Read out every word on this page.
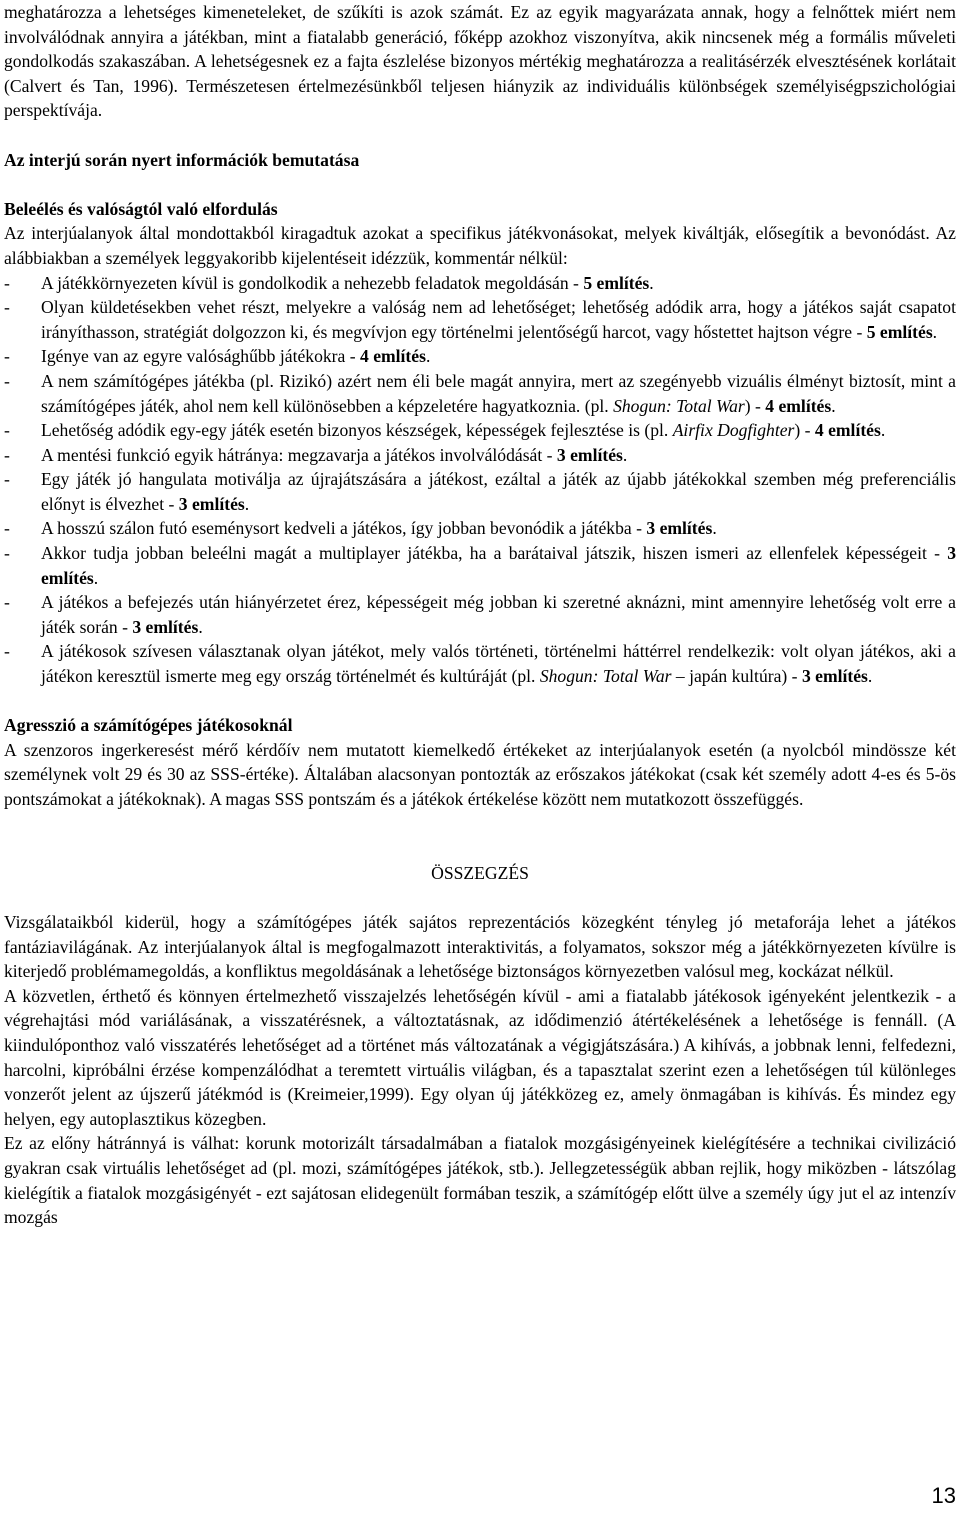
meghatározza a lehetséges kimeneteleket, de szűkíti is azok számát. Ez az egyik magyarázata annak, hogy a felnőttek miért nem involválódnak annyira a játékban, mint a fiatalabb generáció, főképp azokhoz viszonyítva, akik nincsenek még a formális műveleti gondolkodás szakaszában. A lehetségesnek ez a fajta észlelése bizonyos mértékig meghatározza a realitásérzék elvesztésének korlátait (Calvert és Tan, 1996). Természetesen értelmezésünkből teljesen hiányzik az individuális különbségek személyiségpszichológiai perspektívája.

Az interjú során nyert információk bemutatása

Beleélés és valóságtól való elfordulás

Az interjúalanyok által mondottakból kiragadtuk azokat a specifikus játékvonásokat, melyek kiváltják, elősegítik a bevonódást. Az alábbiakban a személyek leggyakoribb kijelentéseit idézzük, kommentár nélkül:

- A játékkörnyezeten kívül is gondolkodik a nehezebb feladatok megoldásán - 5 említés.
- Olyan küldetésekben vehet részt, melyekre a valóság nem ad lehetőséget; lehetőség adódik arra, hogy a játékos saját csapatot irányíthasson, stratégiát dolgozzon ki, és megvívjon egy történelmi jelentőségű harcot, vagy hőstettet hajtson végre - 5 említés.
- Igénye van az egyre valósághűbb játékokra - 4 említés.
- A nem számítógépes játékba (pl. Rizikó) azért nem éli bele magát annyira, mert az szegényebb vizuális élményt biztosít, mint a számítógépes játék, ahol nem kell különösebben a képzeletére hagyatkoznia. (pl. Shogun: Total War) - 4 említés.
- Lehetőség adódik egy-egy játék esetén bizonyos készségek, képességek fejlesztése is (pl. Airfix Dogfighter) - 4 említés.
- A mentési funkció egyik hátránya: megzavarja a játékos involválódását - 3 említés.
- Egy játék jó hangulata motiválja az újrajátszására a játékost, ezáltal a játék az újabb játékokkal szemben még preferenciális előnyt is élvezhet - 3 említés.
- A hosszú szálon futó eseménysort kedveli a játékos, így jobban bevonódik a játékba - 3 említés.
- Akkor tudja jobban beleélni magát a multiplayer játékba, ha a barátaival játszik, hiszen ismeri az ellenfelek képességeit - 3 említés.
- A játékos a befejezés után hiányérzetet érez, képességeit még jobban ki szeretné aknázni, mint amennyire lehetőség volt erre a játék során - 3 említés.
- A játékosok szívesen választanak olyan játékot, mely valós történeti, történelmi háttérrel rendelkezik: volt olyan játékos, aki a játékon keresztül ismerte meg egy ország történelmét és kultúráját (pl. Shogun: Total War – japán kultúra) - 3 említés.

Agresszió a számítógépes játékosoknál

A szenzoros ingerkeresést mérő kérdőív nem mutatott kiemelkedő értékeket az interjúalanyok esetén (a nyolcból mindössze két személynek volt 29 és 30 az SSS-értéke). Általában alacsonyan pontozták az erőszakos játékokat (csak két személy adott 4-es és 5-ös pontszámokat a játékoknak). A magas SSS pontszám és a játékok értékelése között nem mutatkozott összefüggés.

ÖSSZEGZÉS

Vizsgálataikból kiderül, hogy a számítógépes játék sajátos reprezentációs közegként tényleg jó metaforája lehet a játékos fantáziavilágának. Az interjúalanyok által is megfogalmazott interaktivitás, a folyamatos, sokszor még a játékkörnyezeten kívülre is kiterjedő problémamegoldás, a konfliktus megoldásának a lehetősége biztonságos környezetben valósul meg, kockázat nélkül.

A közvetlen, érthető és könnyen értelmezhető visszajelzés lehetőségén kívül - ami a fiatalabb játékosok igényeként jelentkezik - a végrehajtási mód variálásának, a visszatérésnek, a változtatásnak, az idődimenzió átértékelésének a lehetősége is fennáll. (A kiindulóponthoz való visszatérés lehetőséget ad a történet más változatának a végigjátszására.) A kihívás, a jobbnak lenni, felfedezni, harcolni, kipróbálni érzése kompenzálódhat a teremtett virtuális világban, és a tapasztalat szerint ezen a lehetőségen túl különleges vonzerőt jelent az újszerű játékmód is (Kreimeier,1999). Egy olyan új játékközeg ez, amely önmagában is kihívás. És mindez egy helyen, egy autoplasztikus közegben.

Ez az előny hátránnyá is válhat: korunk motorizált társadalmában a fiatalok mozgásigényeinek kielégítésére a technikai civilizáció gyakran csak virtuális lehetőséget ad (pl. mozi, számítógépes játékok, stb.). Jellegzetességük abban rejlik, hogy miközben - látszólag kielégítik a fiatalok mozgásigényét - ezt sajátosan elidegenült formában teszik, a számítógép előtt ülve a személy úgy jut el az intenzív mozgás

13
